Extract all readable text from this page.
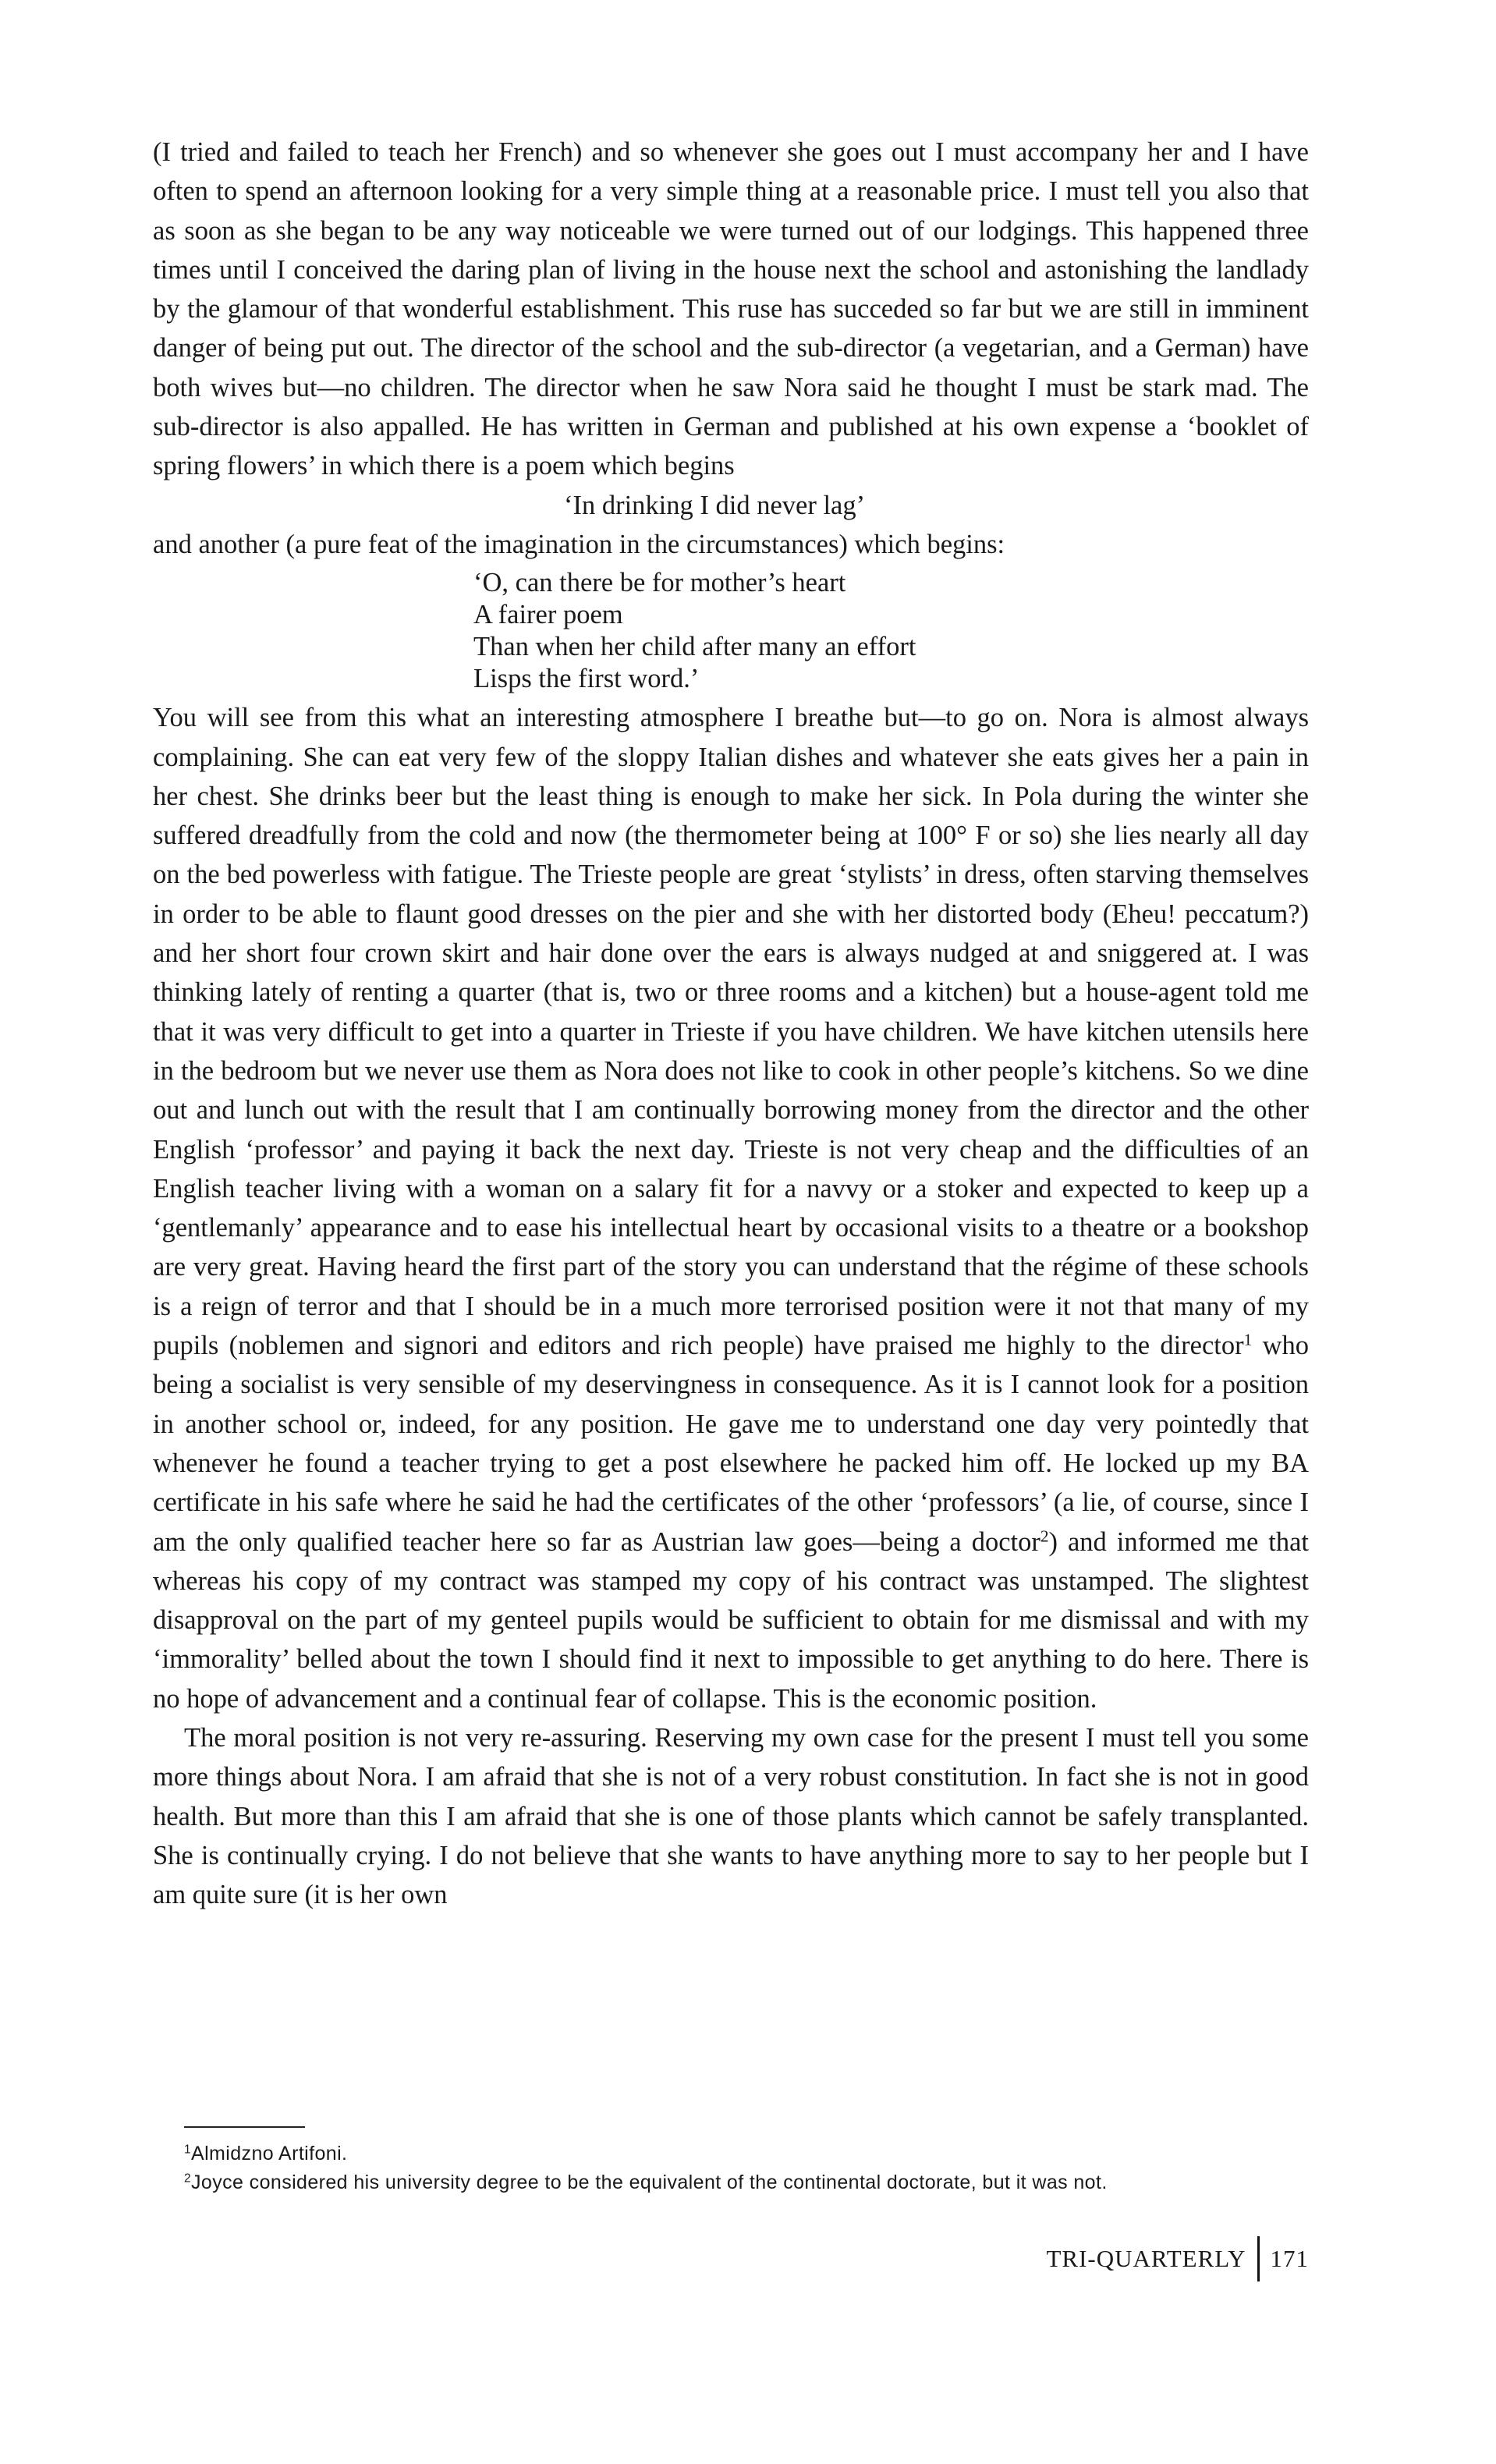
(I tried and failed to teach her French) and so whenever she goes out I must accompany her and I have often to spend an afternoon looking for a very simple thing at a reasonable price. I must tell you also that as soon as she began to be any way noticeable we were turned out of our lodgings. This happened three times until I conceived the daring plan of living in the house next the school and astonishing the landlady by the glamour of that wonderful establishment. This ruse has succeded so far but we are still in imminent danger of being put out. The director of the school and the sub-director (a vegetarian, and a German) have both wives but—no children. The director when he saw Nora said he thought I must be stark mad. The sub-director is also appalled. He has written in German and published at his own expense a ‘booklet of spring flowers’ in which there is a poem which begins

‘In drinking I did never lag’

and another (a pure feat of the imagination in the circumstances) which begins:

‘O, can there be for mother’s heart
A fairer poem
Than when her child after many an effort
Lisps the first word.’

You will see from this what an interesting atmosphere I breathe but—to go on. Nora is almost always complaining. She can eat very few of the sloppy Italian dishes and whatever she eats gives her a pain in her chest. She drinks beer but the least thing is enough to make her sick. In Pola during the winter she suffered dreadfully from the cold and now (the thermometer being at 100° F or so) she lies nearly all day on the bed powerless with fatigue. The Trieste people are great ‘stylists’ in dress, often starving themselves in order to be able to flaunt good dresses on the pier and she with her distorted body (Eheu! peccatum?) and her short four crown skirt and hair done over the ears is always nudged at and sniggered at. I was thinking lately of renting a quarter (that is, two or three rooms and a kitchen) but a house-agent told me that it was very difficult to get into a quarter in Trieste if you have children. We have kitchen utensils here in the bedroom but we never use them as Nora does not like to cook in other people’s kitchens. So we dine out and lunch out with the result that I am continually borrowing money from the director and the other English ‘professor’ and paying it back the next day. Trieste is not very cheap and the difficulties of an English teacher living with a woman on a salary fit for a navvy or a stoker and expected to keep up a ‘gentlemanly’ appearance and to ease his intellectual heart by occasional visits to a theatre or a bookshop are very great. Having heard the first part of the story you can understand that the régime of these schools is a reign of terror and that I should be in a much more terrorised position were it not that many of my pupils (noblemen and signori and editors and rich people) have praised me highly to the director$^1$ who being a socialist is very sensible of my deservingness in consequence. As it is I cannot look for a position in another school or, indeed, for any position. He gave me to understand one day very pointedly that whenever he found a teacher trying to get a post elsewhere he packed him off. He locked up my BA certificate in his safe where he said he had the certificates of the other ‘professors’ (a lie, of course, since I am the only qualified teacher here so far as Austrian law goes—being a doctor$^2$) and informed me that whereas his copy of my contract was stamped my copy of his contract was unstamped. The slightest disapproval on the part of my genteel pupils would be sufficient to obtain for me dismissal and with my ‘immorality’ belled about the town I should find it next to impossible to get anything to do here. There is no hope of advancement and a continual fear of collapse. This is the economic position.

The moral position is not very re-assuring. Reserving my own case for the present I must tell you some more things about Nora. I am afraid that she is not of a very robust constitution. In fact she is not in good health. But more than this I am afraid that she is one of those plants which cannot be safely transplanted. She is continually crying. I do not believe that she wants to have anything more to say to her people but I am quite sure (it is her own

$^1$Almidzno Artifoni.
$^2$Joyce considered his university degree to be the equivalent of the continental doctorate, but it was not.
TRI-QUARTERLY	171
